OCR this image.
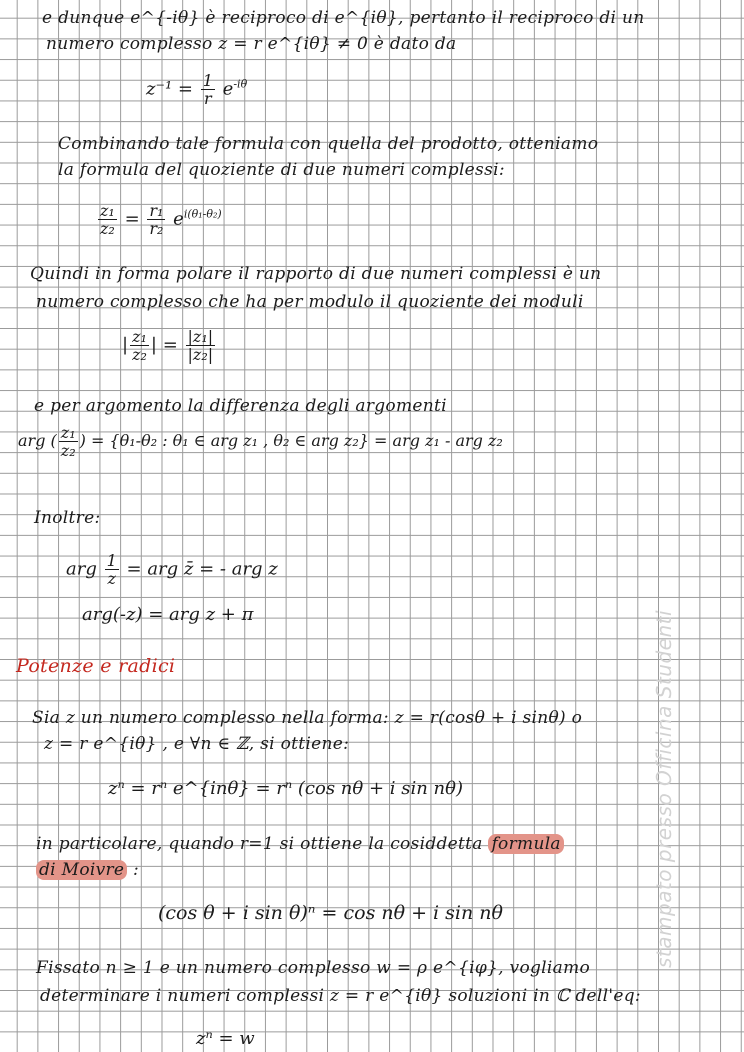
e dunque e^{-iθ} è reciproco di e^{iθ}, pertanto il reciproco di un
numero complesso z = r e^{iθ} ≠ 0 è dato da
$z^{-1} = \frac{1}{r} e^{-i\theta}$
Combinando tale formula con quella del prodotto, otteniamo
la formula del quoziente di due numeri complessi:
$\frac{\text{z₁}}{\text{z₂}} = \frac{\text{r₁}}{\text{r₂}} e^{i(\theta_1-\theta_2)}$
Quindi in forma polare il rapporto di due numeri complessi è un
numero complesso che ha per modulo il quoziente dei moduli
| $\frac{\text{z₁}}{\text{z₂}}$ | = $\frac{\text{|z₁|}}{\text{|z₂|}}$
e per argomento la differenza degli argomenti
arg ( $\frac{\text{z₁}}{\text{z₂}}$ ) = {θ₁-θ₂ : θ₁ ∈ arg z₁ , θ₂ ∈ arg z₂} = arg z₁ - arg z₂
Inoltre:
arg $\frac{1}{z}$ = arg z̄ = - arg z
arg(-z) = arg z + π
Potenze e radici
Sia z un numero complesso nella forma: z = r(cosθ + i sinθ) o
z = r e^{iθ} , e ∀n ∈ ℤ, si ottiene:
zⁿ = rⁿ e^{inθ} = rⁿ (cos nθ + i sin nθ)
in particolare, quando r=1 si ottiene la cosiddetta formula
di Moivre :
(cos θ + i sin θ)ⁿ = cos nθ + i sin nθ
Fissato n ≥ 1 e un numero complesso w = ρ e^{iφ}, vogliamo
determinare i numeri complessi z = r e^{iθ} soluzioni in ℂ dell'eq:
zⁿ = w
stampato presso Officina Studenti
